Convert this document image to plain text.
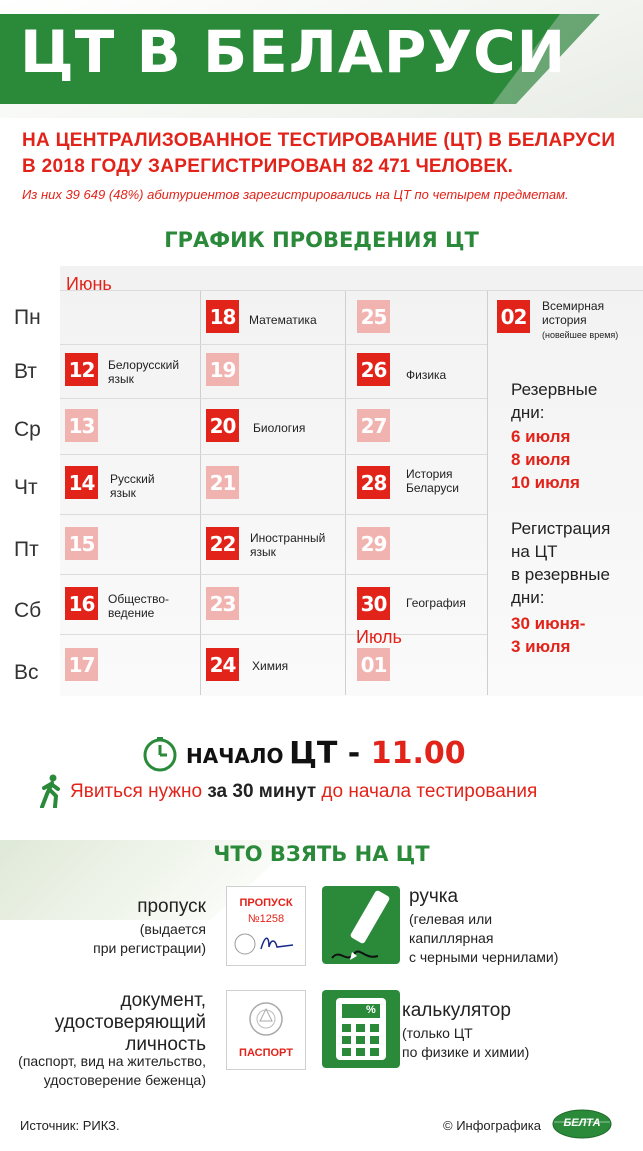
ЦТ В БЕЛАРУСИ
НА ЦЕНТРАЛИЗОВАННОЕ ТЕСТИРОВАНИЕ (ЦТ) В БЕЛАРУСИ
В 2018 ГОДУ ЗАРЕГИСТРИРОВАН 82 471 ЧЕЛОВЕК.
Из них 39 649 (48%) абитуриентов зарегистрировались на ЦТ по четырем предметам.
ГРАФИК ПРОВЕДЕНИЯ ЦТ
Июнь
Июль
Пн
Вт
Ср
Чт
Пт
Сб
Вс
12 Белорусский
язык
13
14 Русский
язык
15
16 Общество-
ведение
17
18 Математика
19
20 Биология
21
22 Иностранный
язык
23
24 Химия
25
26 Физика
27
28 История
Беларуси
29
30 География
01
02 Всемирная
история
(новейшее время)
Резервные
дни:
6 июля
8 июля
10 июля
Регистрация
на ЦТ
в резервные
дни:
30 июня-
3 июля
НАЧАЛО ЦТ - 11.00
Явиться нужно за 30 минут до начала тестирования
ЧТО ВЗЯТЬ НА ЦТ
пропуск
(выдается
при регистрации)
ПРОПУСК
№1258
ручка
(гелевая или
капиллярная
с черными чернилами)
документ,
удостоверяющий
личность
(паспорт, вид на жительство,
удостоверение беженца)
ПАСПОРТ
% калькулятор
(только ЦТ
по физике и химии)
Источник: РИКЗ.	© Инфографика	БЕЛТА
